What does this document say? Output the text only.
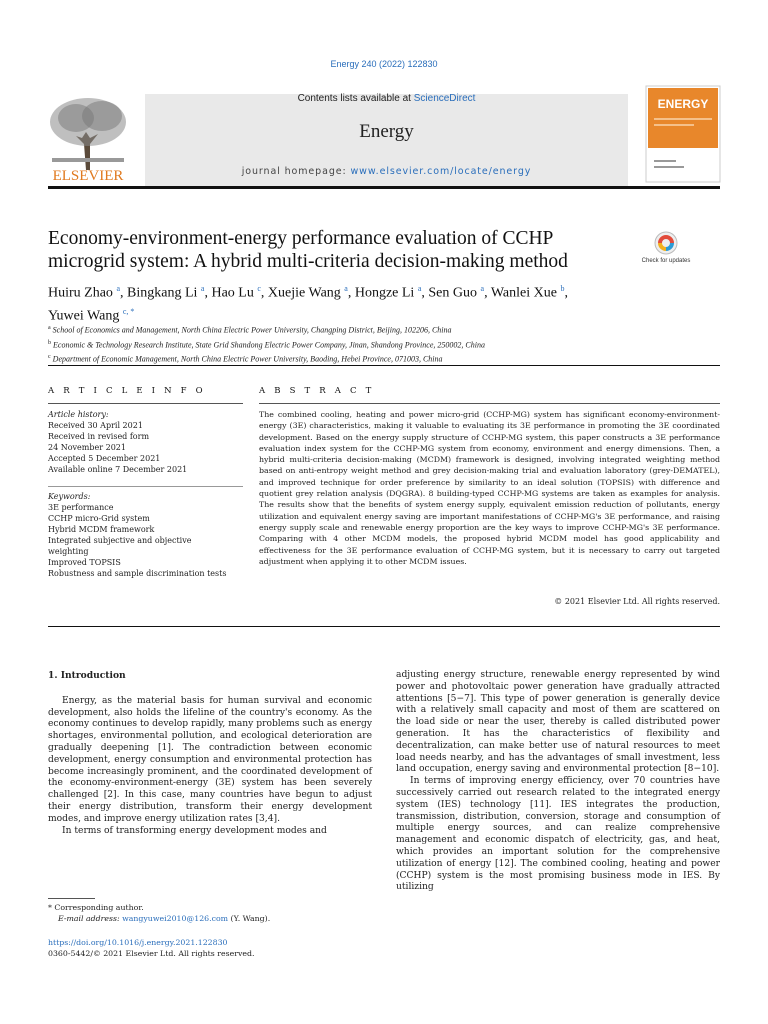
Energy 240 (2022) 122830
ELSEVIER
Contents lists available at ScienceDirect
Energy
journal homepage: www.elsevier.com/locate/energy
ENERGY
Economy-environment-energy performance evaluation of CCHP
microgrid system: A hybrid multi-criteria decision-making method	Check for updates
Huiru Zhao $^a$, Bingkang Li $^a$, Hao Lu $^c$, Xuejie Wang $^a$, Hongze Li $^a$, Sen Guo $^a$, Wanlei Xue $^b$,
Yuwei Wang $^{c, *}$
$^a$ School of Economics and Management, North China Electric Power University, Changping District, Beijing, 102206, China
$^b$ Economic & Technology Research Institute, State Grid Shandong Electric Power Company, Jinan, Shandong Province, 250002, China
$^c$ Department of Economic Management, North China Electric Power University, Baoding, Hebei Province, 071003, China
A R T I C L E I N F O	A B S T R A C T
Article history:
Received 30 April 2021
Received in revised form
24 November 2021
Accepted 5 December 2021
Available online 7 December 2021
Keywords:
3E performance
CCHP micro-Grid system
Hybrid MCDM framework
Integrated subjective and objective
weighting
Improved TOPSIS
Robustness and sample discrimination tests
The combined cooling, heating and power micro-grid (CCHP-MG) system has significant economy-environment-energy (3E) characteristics, making it valuable to evaluating its 3E performance in promoting the 3E coordinated development. Based on the energy supply structure of CCHP-MG system, this paper constructs a 3E performance evaluation index system for the CCHP-MG system from economy, environment and energy dimensions. Then, a hybrid multi-criteria decision-making (MCDM) framework is designed, involving integrated weighting method based on anti-entropy weight method and grey decision-making trial and evaluation laboratory (grey-DEMATEL), and improved technique for order preference by similarity to an ideal solution (TOPSIS) with difference and quotient grey relation analysis (DQGRA). 8 building-typed CCHP-MG systems are taken as examples for analysis. The results show that the benefits of system energy supply, equivalent emission reduction of pollutants, energy utilization and equivalent energy saving are important manifestations of CCHP-MG's 3E performance, and raising energy supply scale and renewable energy proportion are the key ways to improve CCHP-MG's 3E performance. Comparing with 4 other MCDM models, the proposed hybrid MCDM model has good applicability and effectiveness for the 3E performance evaluation of CCHP-MG system, but it is necessary to carry out targeted adjustment when applying it to other MCDM issues.
© 2021 Elsevier Ltd. All rights reserved.

1. Introduction

Energy, as the material basis for human survival and economic development, also holds the lifeline of the country's economy. As the economy continues to develop rapidly, many problems such as energy shortages, environmental pollution, and ecological deterioration are gradually deepening [1]. The contradiction between economic development, energy consumption and environmental protection has become increasingly prominent, and the coordinated development of the economy-environment-energy (3E) system has been severely challenged [2]. In this case, many countries have begun to adjust their energy distribution, transform their energy development modes, and improve energy utilization rates [3,4].

In terms of transforming energy development modes and

adjusting energy structure, renewable energy represented by wind power and photovoltaic power generation have gradually attracted attentions [5−7]. This type of power generation is generally device with a relatively small capacity and most of them are scattered on the load side or near the user, thereby is called distributed power generation. It has the characteristics of flexibility and decentralization, can make better use of natural resources to meet load needs nearby, and has the advantages of small investment, less land occupation, energy saving and environmental protection [8−10].

In terms of improving energy efficiency, over 70 countries have successively carried out research related to the integrated energy system (IES) technology [11]. IES integrates the production, transmission, distribution, conversion, storage and consumption of multiple energy sources, and can realize comprehensive management and economic dispatch of electricity, gas, and heat, which provides an important solution for the comprehensive utilization of energy [12]. The combined cooling, heating and power (CCHP) system is the most promising business mode in IES. By utilizing

* Corresponding author.
E-mail address: wangyuwei2010@126.com (Y. Wang).
https://doi.org/10.1016/j.energy.2021.122830
0360-5442/© 2021 Elsevier Ltd. All rights reserved.
